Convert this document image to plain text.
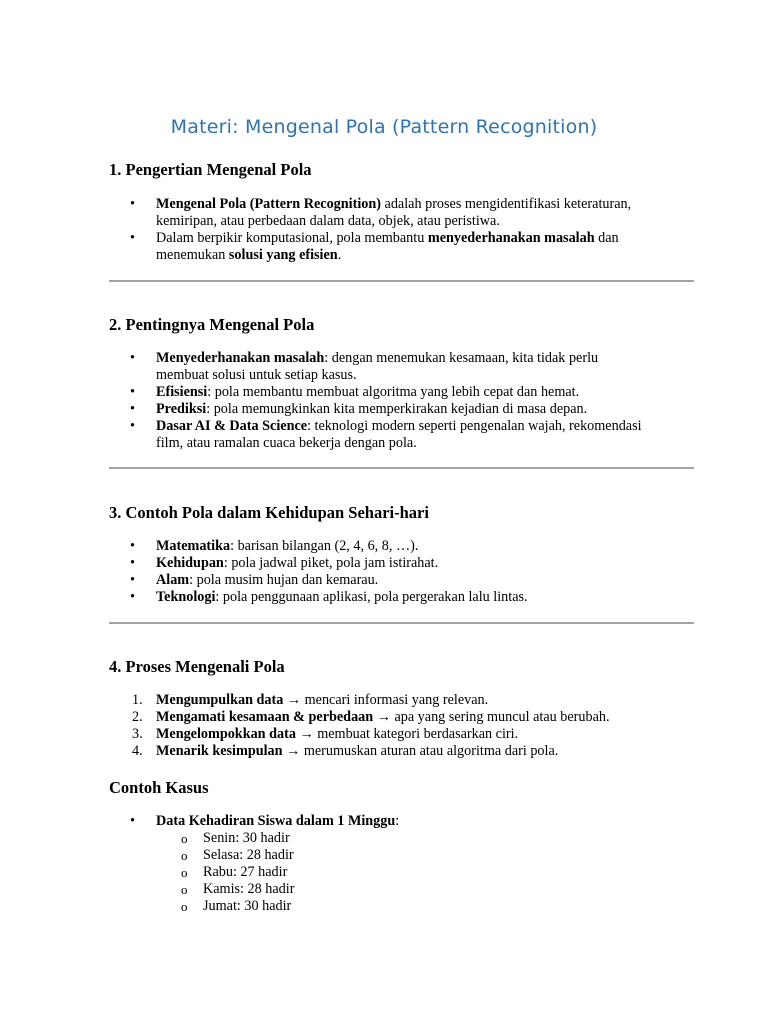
Materi: Mengenal Pola (Pattern Recognition)
1. Pengertian Mengenal Pola
•	Mengenal Pola (Pattern Recognition) adalah proses mengidentifikasi keteraturan,
kemiripan, atau perbedaan dalam data, objek, atau peristiwa.
•	Dalam berpikir komputasional, pola membantu menyederhanakan masalah dan
menemukan solusi yang efisien.
2. Pentingnya Mengenal Pola
•	Menyederhanakan masalah: dengan menemukan kesamaan, kita tidak perlu
membuat solusi untuk setiap kasus.
•	Efisiensi: pola membantu membuat algoritma yang lebih cepat dan hemat.
•	Prediksi: pola memungkinkan kita memperkirakan kejadian di masa depan.
•	Dasar AI & Data Science: teknologi modern seperti pengenalan wajah, rekomendasi
film, atau ramalan cuaca bekerja dengan pola.
3. Contoh Pola dalam Kehidupan Sehari-hari
•	Matematika: barisan bilangan (2, 4, 6, 8, …).
•	Kehidupan: pola jadwal piket, pola jam istirahat.
•	Alam: pola musim hujan dan kemarau.
•	Teknologi: pola penggunaan aplikasi, pola pergerakan lalu lintas.
4. Proses Mengenali Pola
1. Mengumpulkan data → mencari informasi yang relevan.
2. Mengamati kesamaan & perbedaan → apa yang sering muncul atau berubah.
3. Mengelompokkan data → membuat kategori berdasarkan ciri.
4. Menarik kesimpulan → merumuskan aturan atau algoritma dari pola.
Contoh Kasus
•	Data Kehadiran Siswa dalam 1 Minggu:
o	Senin: 30 hadir
o	Selasa: 28 hadir
o	Rabu: 27 hadir
o	Kamis: 28 hadir
o	Jumat: 30 hadir
